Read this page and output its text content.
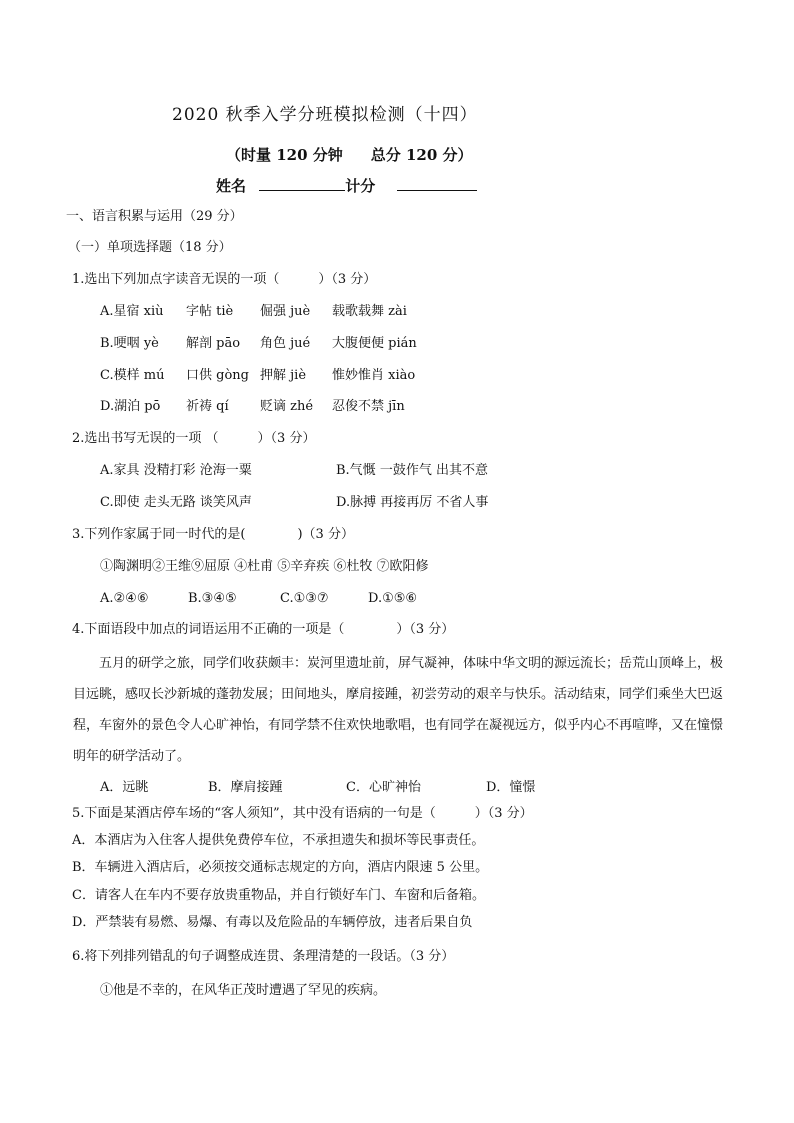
2020 秋季入学分班模拟检测（十四）
（时量 120 分钟 总分 120 分）
姓名	计分
一、语言积累与运用（29 分）
（一）单项选择题（18 分）
1.选出下列加点字读音无误的一项（　　　）（3 分）
A.星宿 xiù 字帖 tiè 倔强 juè 载歌载舞 zài
B.哽咽 yè 解剖 pāo 角色 jué 大腹便便 pián
C.模样 mú 口供 gòng 押解 jiè 惟妙惟肖 xiào
D.湖泊 pō 祈祷 qí 贬谪 zhé 忍俊不禁 jīn
2.选出书写无误的一项 （　　　）（3 分）
A.家具 没精打彩 沧海一粟	B.气慨 一鼓作气 出其不意
C.即使 走头无路 谈笑风声	D.脉搏 再接再厉 不省人事
3.下列作家属于同一时代的是(　　　　)（3 分）
①陶渊明②王维⑨屈原 ④杜甫 ⑤辛弃疾 ⑥杜牧 ⑦欧阳修
A.②④⑥	B.③④⑤	C.①③⑦	D.①⑤⑥
4.下面语段中加点的词语运用不正确的一项是（　　　　）（3 分）
五月的研学之旅，同学们收获颇丰：炭河里遗址前，屏气凝神，体味中华文明的源远流长；岳荒山顶峰上，极目远眺，感叹长沙新城的蓬勃发展；田间地头，摩肩接踵，初尝劳动的艰辛与快乐。活动结束，同学们乘坐大巴返程，车窗外的景色令人心旷神怡，有同学禁不住欢快地歌唱，也有同学在凝视远方，似乎内心不再喧哗，又在憧憬明年的研学活动了。
A．远眺	B．摩肩接踵	C．心旷神怡	D．憧憬
5.下面是某酒店停车场的“客人须知”，其中没有语病的一句是（　　　）（3 分）
A．本酒店为入住客人提供免费停车位，不承担遗失和损坏等民事责任。
B．车辆进入酒店后，必须按交通标志规定的方向，酒店内限速 5 公里。
C．请客人在车内不要存放贵重物品，并自行锁好车门、车窗和后备箱。
D．严禁装有易燃、易爆、有毒以及危险品的车辆停放，违者后果自负
6.将下列排列错乱的句子调整成连贯、条理清楚的一段话。（3 分）
①他是不幸的，在风华正茂时遭遇了罕见的疾病。
